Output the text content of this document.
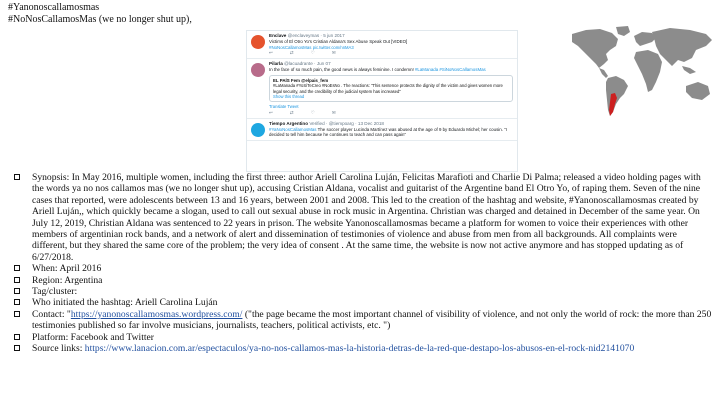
#Yanonoscallamosmas
#NoNosCallamosMas (we no longer shut up),
Enclave @enclaveymas · 5 jun 2017
Victims of El Otro Yo's Cristian Aldana's Sex Abuse Speak Out [VIDEO]
#NoNosCallamosMas pic.twitter.com/nnMA3
↩ ⇄ ♡ ✉
Pilarla @lacuadrante · Jun 07
In the face of so much pain, the good news is always feminine. I condemn! #LaManada #SiNoNosCallamosMas
EL PAÍS Fem @elpais_fem
#LaManada #YoSíTeCreo #NoEsNo . The reactions: "This sentence protects the dignity of the victim and gives women more legal security, and the credibility of the judicial system has increased"
Show this thread
Translate Tweet
↩ ⇄ ♡ ✉
Tiempo Argentino Verified · @tiempoarg · 13 Dec 2018
#YaNoNosCallamosMas The soccer player Lucinda Martínez was abused at the age of 9 by Eduardo Michel; her cousin. "I decided to tell him because he continues to teach and can pass again"
Synopsis: In May 2016, multiple women, including the first three: author Ariell Carolina Luján, Felicitas Marafioti and Charlie Di Palma; released a video holding pages with the words ya no nos callamos mas (we no longer shut up), accusing Cristian Aldana, vocalist and guitarist of the Argentine band El Otro Yo, of raping them. Seven of the nine cases that reported, were adolescents between 13 and 16 years, between 2001 and 2008. This led to the creation of the hashtag and website, #Yanonoscallamosmas created by Ariell Luján,, which quickly became a slogan, used to call out sexual abuse in rock music in Argentina. Christian was charged and detained in December of the same year. On July 12, 2019, Christian Aldana was sentenced to 22 years in prison. The website Yanonoscallamosmas became a platform for women to voice their experiences with other members of argentinian rock bands, and a network of alert and dissemination of testimonies of violence and abuse from men from all backgrounds. All complaints were different, but they shared the same core of the problem; the very idea of consent . At the same time, the website is now not active anymore and has stopped updating as of 6/27/2018.
When: April 2016
Region: Argentina
Tag/cluster:
Who initiated the hashtag: Ariell Carolina Luján
Contact: "https://yanonoscallamosmas.wordpress.com/ ("the page became the most important channel of visibility of violence, and not only the world of rock: the more than 250 testimonies published so far involve musicians, journalists, teachers, political activists, etc. ")
Platform: Facebook and Twitter
Source links: https://www.lanacion.com.ar/espectaculos/ya-no-nos-callamos-mas-la-historia-detras-de-la-red-que-destapo-los-abusos-en-el-rock-nid2141070
